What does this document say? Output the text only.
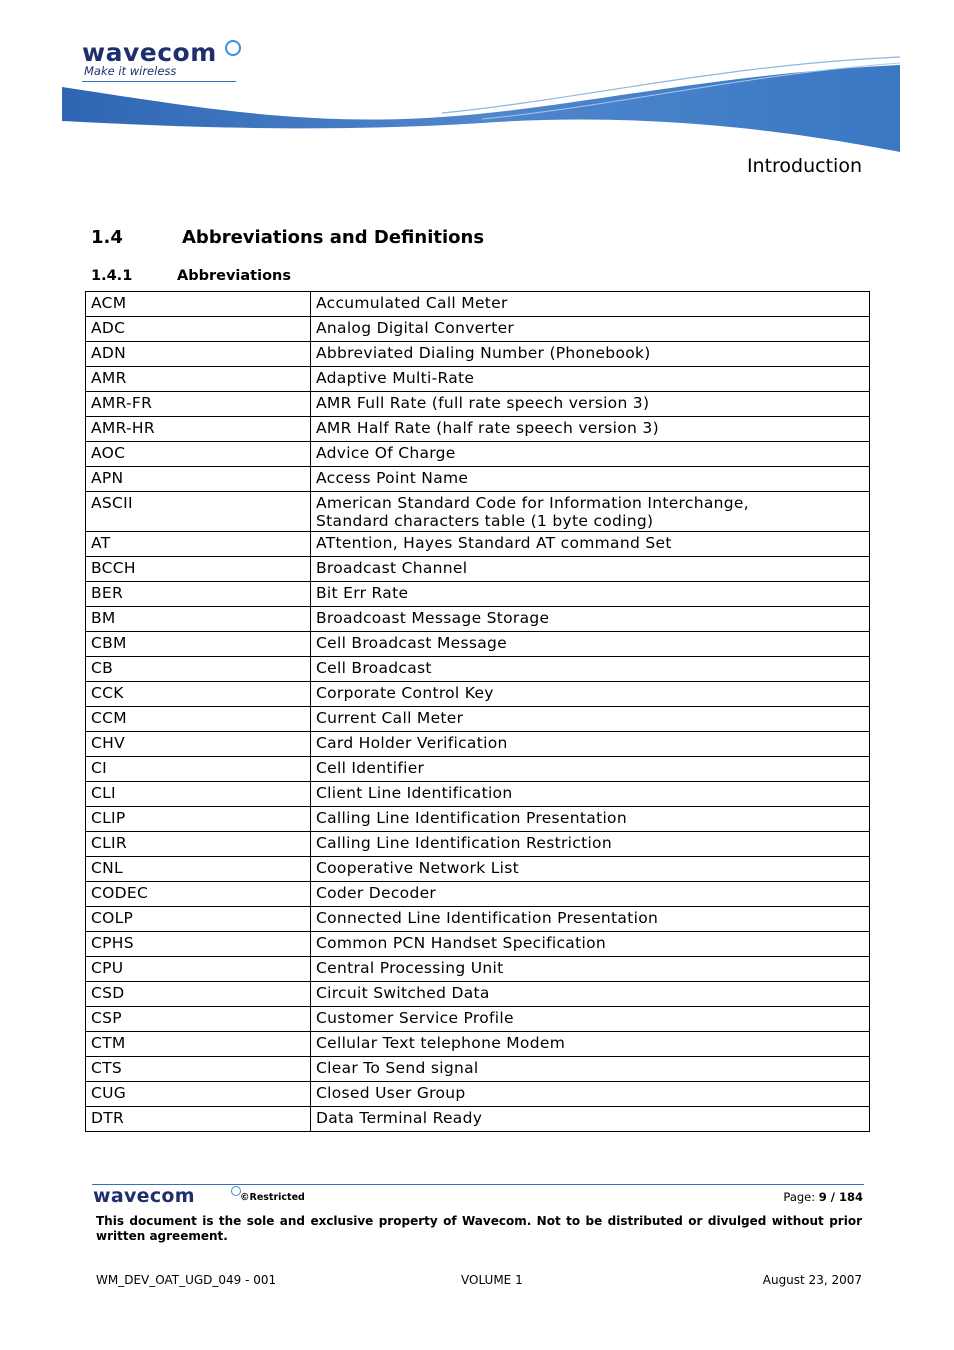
wavecom
Make it wireless
Introduction
1.4	Abbreviations and Definitions
1.4.1	Abbreviations
ACM	Accumulated Call Meter

ADC	Analog Digital Converter

ADN	Abbreviated Dialing Number (Phonebook)

AMR	Adaptive Multi-Rate

AMR-FR	AMR Full Rate (full rate speech version 3)

AMR-HR	AMR Half Rate (half rate speech version 3)

AOC	Advice Of Charge

APN	Access Point Name

ASCII	American Standard Code for Information Interchange,
Standard characters table (1 byte coding)

AT	ATtention, Hayes Standard AT command Set

BCCH	Broadcast Channel

BER	Bit Err Rate

BM	Broadcoast Message Storage

CBM	Cell Broadcast Message

CB	Cell Broadcast

CCK	Corporate Control Key

CCM	Current Call Meter

CHV	Card Holder Verification

CI	Cell Identifier

CLI	Client Line Identification

CLIP	Calling Line Identification Presentation

CLIR	Calling Line Identification Restriction

CNL	Cooperative Network List

CODEC	Coder Decoder

COLP	Connected Line Identification Presentation

CPHS	Common PCN Handset Specification

CPU	Central Processing Unit

CSD	Circuit Switched Data

CSP	Customer Service Profile

CTM	Cellular Text telephone Modem

CTS	Clear To Send signal

CUG	Closed User Group

DTR	Data Terminal Ready
wavecom	©Restricted	Page: 9 / 184
This document is the sole and exclusive property of Wavecom. Not to be distributed or divulged without prior written agreement.
WM_DEV_OAT_UGD_049 - 001	VOLUME 1	August 23, 2007
